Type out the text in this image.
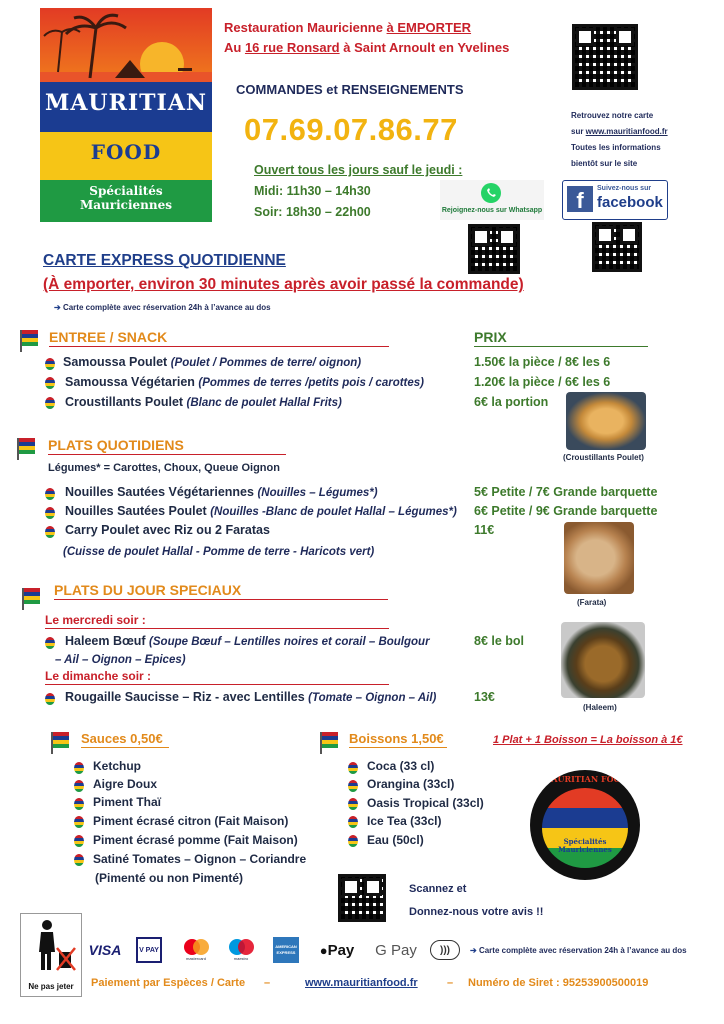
MAURITIAN
FOOD
Spécialités
Mauriciennes
Restauration Mauricienne à EMPORTER
Au 16 rue Ronsard à Saint Arnoult en Yvelines
COMMANDES et RENSEIGNEMENTS
07.69.07.86.77
Ouvert tous les jours sauf le jeudi :
Midi: 11h30 – 14h30
Soir: 18h30 – 22h00
Retrouvez notre carte
sur www.mauritianfood.fr
Toutes les informations
bientôt sur le site
Rejoignez-nous sur Whatsapp	f	Suivez-nous sur
facebook
CARTE EXPRESS QUOTIDIENNE
(À emporter, environ 30 minutes après avoir passé la commande)
➔ Carte complète avec réservation 24h à l’avance au dos
ENTREE / SNACK	PRIX
Samoussa Poulet (Poulet / Pommes de terre/ oignon)	1.50€ la pièce / 8€ les 6
Samoussa Végétarien (Pommes de terres /petits pois / carottes)	1.20€ la pièce / 6€ les 6
Croustillants Poulet (Blanc de poulet Hallal Frits)	6€ la portion
(Croustillants Poulet)
PLATS QUOTIDIENS
Légumes* = Carottes, Choux, Queue Oignon
Nouilles Sautées Végétariennes (Nouilles – Légumes*)	5€ Petite / 7€ Grande barquette
Nouilles Sautées Poulet (Nouilles -Blanc de poulet Hallal – Légumes*) 6€ Petite / 9€ Grande barquette
Carry Poulet avec Riz ou 2 Faratas	11€
(Cuisse de poulet Hallal - Pomme de terre - Haricots vert)
(Farata)
PLATS DU JOUR SPECIAUX
Le mercredi soir :
Haleem Bœuf (Soupe Bœuf – Lentilles noires et corail – Boulgour
– Ail – Oignon – Epices)
8€ le bol
Le dimanche soir :
Rougaille Saucisse – Riz - avec Lentilles (Tomate – Oignon – Ail)	13€
(Haleem)
Sauces 0,50€
Ketchup
Aigre Doux
Piment Thaï
Piment écrasé citron (Fait Maison)
Piment écrasé pomme (Fait Maison)
Satiné Tomates – Oignon – Coriandre
(Pimenté ou non Pimenté)
Boissons 1,50€
Coca (33 cl)
Orangina (33cl)
Oasis Tropical (33cl)
Ice Tea (33cl)
Eau (50cl)
1 Plat + 1 Boisson = La boisson à 1€
MAURITIAN FOOD
Spécialités
Mauriciennes
Scannez et
Donnez-nous votre avis !!
Ne pas jeter
VISA	V PAY
mastercard	maestro
AMERICAN EXPRESS ● Pay G Pay	)))	➔ Carte complète avec réservation 24h à l’avance au dos
Paiement par Espèces / Carte –	www.mauritianfood.fr	– Numéro de Siret : 95253900500019
